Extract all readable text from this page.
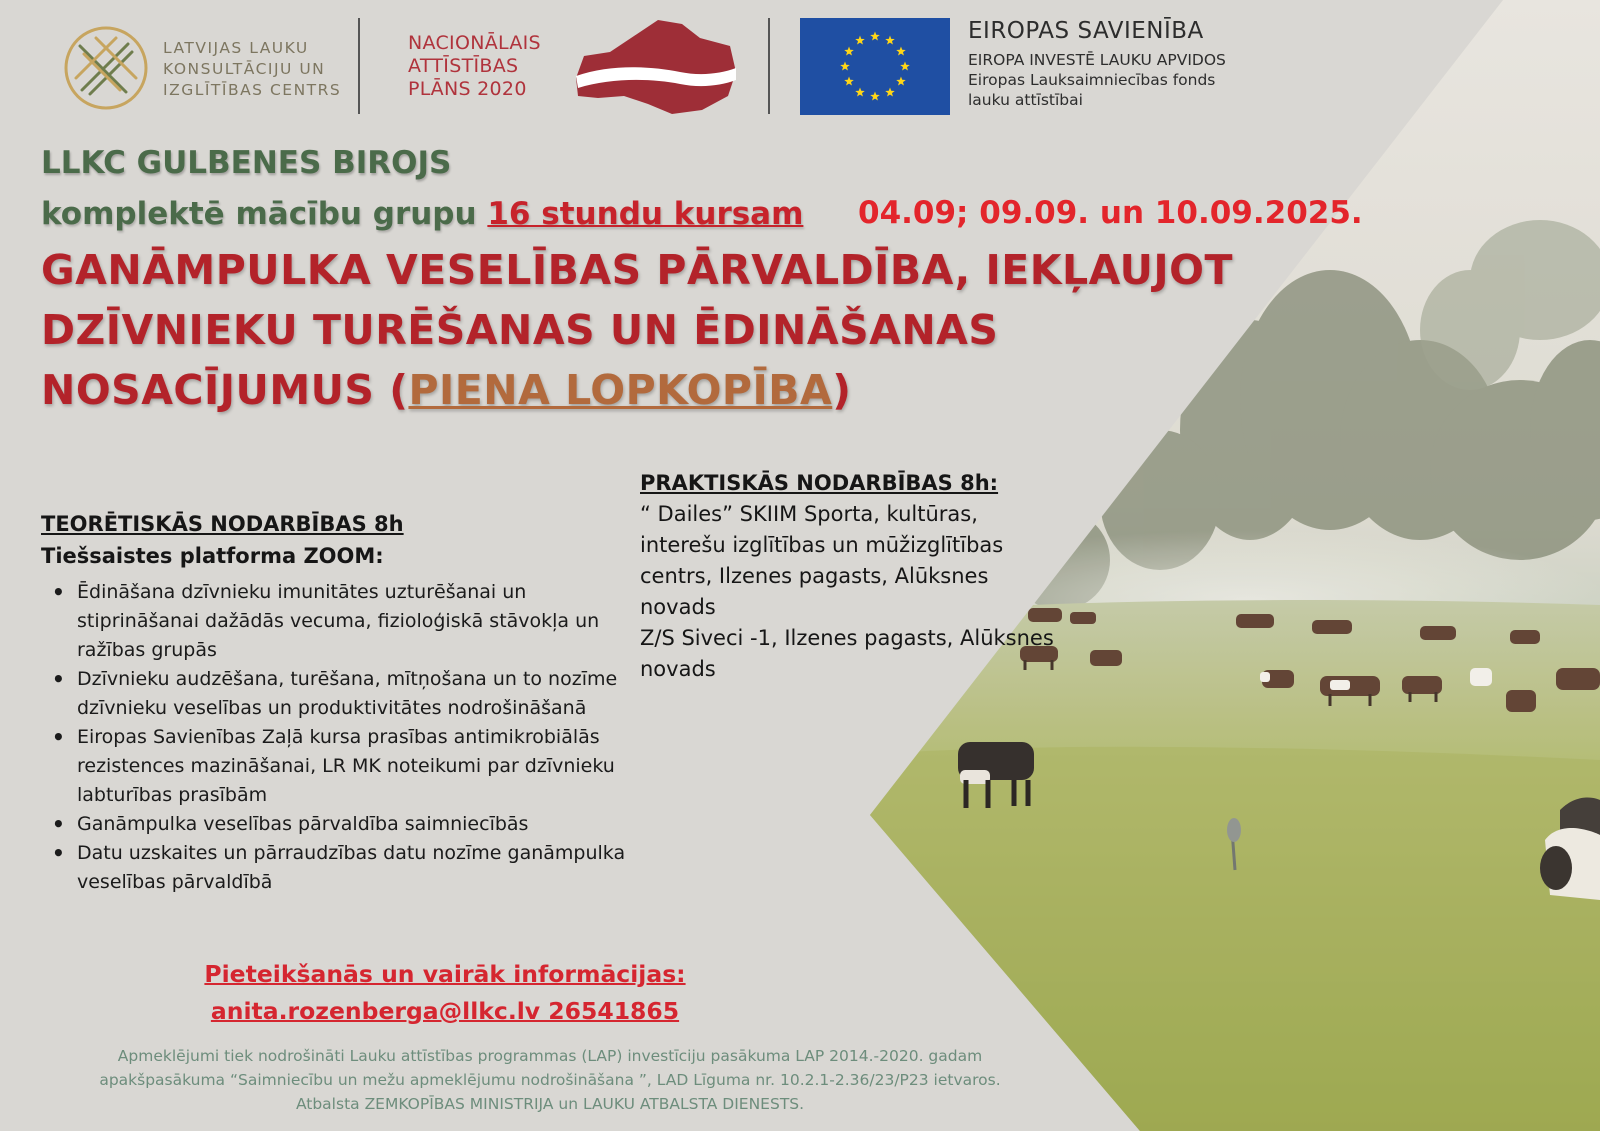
LATVIJAS LAUKU
KONSULTĀCIJU UN
IZGLĪTĪBAS CENTRS
NACIONĀLAIS
ATTĪSTĪBAS
PLĀNS 2020
EIROPAS SAVIENĪBA
EIROPA INVESTĒ LAUKU APVIDOS
Eiropas Lauksaimniecības fonds
lauku attīstībai
LLKC GULBENES BIROJS
komplektē mācību grupu 16 stundu kursam 04.09; 09.09. un 10.09.2025.
GANĀMPULKA VESELĪBAS PĀRVALDĪBA, IEKĻAUJOT
DZĪVNIEKU TURĒŠANAS UN ĒDINĀŠANAS
NOSACĪJUMUS (PIENA LOPKOPĪBA)
TEORĒTISKĀS NODARBĪBAS 8h
Tiešsaistes platforma ZOOM:
• Ēdināšana dzīvnieku imunitātes uzturēšanai un stiprināšanai dažādās vecuma, fizioloģiskā stāvokļa un ražības grupās
• Dzīvnieku audzēšana, turēšana, mītņošana un to nozīme dzīvnieku veselības un produktivitātes nodrošināšanā
• Eiropas Savienības Zaļā kursa prasības antimikrobiālās rezistences mazināšanai, LR MK noteikumi par dzīvnieku labturības prasībām
• Ganāmpulka veselības pārvaldība saimniecībās
• Datu uzskaites un pārraudzības datu nozīme ganāmpulka veselības pārvaldībā
PRAKTISKĀS NODARBĪBAS 8h:
“ Dailes” SKIIM Sporta, kultūras, interešu izglītības un mūžizglītības centrs, Ilzenes pagasts, Alūksnes novads
Z/S Siveci -1, Ilzenes pagasts, Alūksnes novads
Pieteikšanās un vairāk informācijas:
anita.rozenberga@llkc.lv 26541865
Apmeklējumi tiek nodrošināti Lauku attīstības programmas (LAP) investīciju pasākuma LAP 2014.-2020. gadam
apakšpasākuma “Saimniecību un mežu apmeklējumu nodrošināšana ”, LAD Līguma nr. 10.2.1-2.36/23/P23 ietvaros.
Atbalsta ZEMKOPĪBAS MINISTRIJA un LAUKU ATBALSTA DIENESTS.
